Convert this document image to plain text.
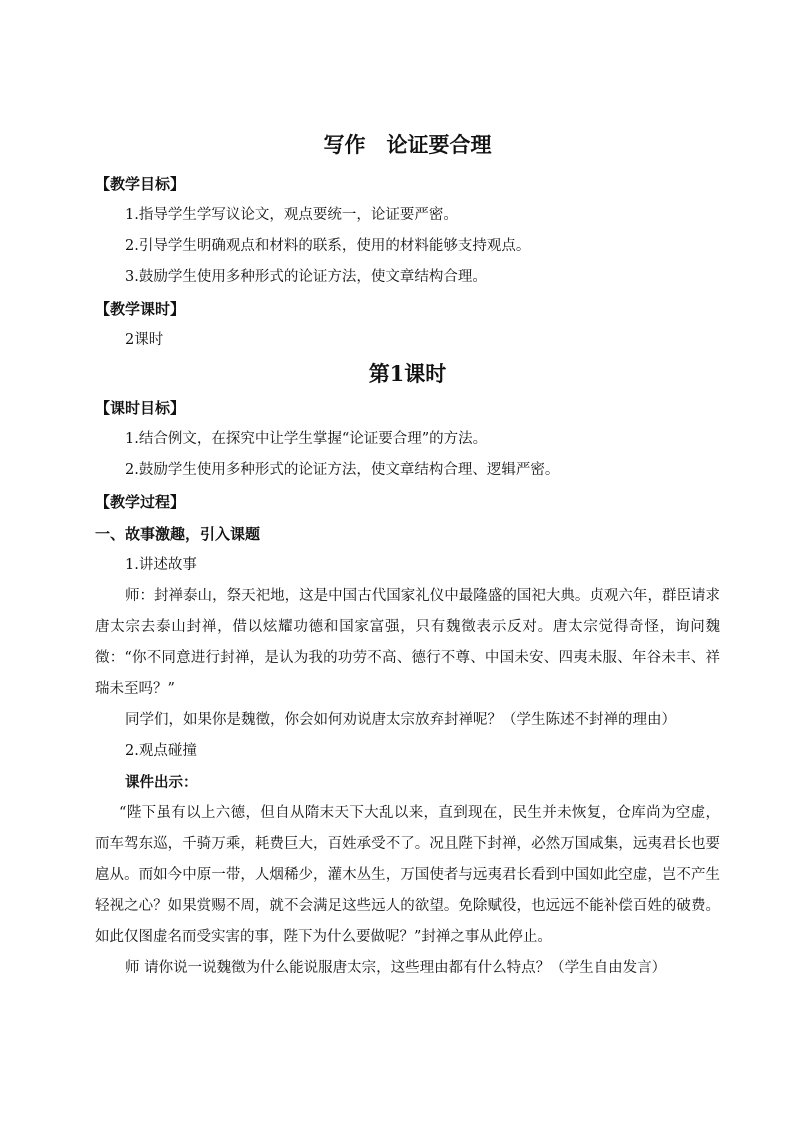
写作　论证要合理
【教学目标】

1.指导学生学写议论文，观点要统一，论证要严密。

2.引导学生明确观点和材料的联系，使用的材料能够支持观点。

3.鼓励学生使用多种形式的论证方法，使文章结构合理。

【教学课时】

2课时

第1课时
【课时目标】

1.结合例文，在探究中让学生掌握“论证要合理”的方法。

2.鼓励学生使用多种形式的论证方法，使文章结构合理、逻辑严密。

【教学过程】
一、故事激趣，引入课题

1.讲述故事

师：封禅泰山，祭天祀地，这是中国古代国家礼仪中最隆盛的国祀大典。贞观六年，群臣请求唐太宗去泰山封禅，借以炫耀功德和国家富强，只有魏徵表示反对。唐太宗觉得奇怪，询问魏徵：“你不同意进行封禅，是认为我的功劳不高、德行不尊、中国未安、四夷未服、年谷未丰、祥瑞未至吗？”

同学们，如果你是魏徵，你会如何劝说唐太宗放弃封禅呢？（学生陈述不封禅的理由）

2.观点碰撞

课件出示：

“陛下虽有以上六德，但自从隋末天下大乱以来，直到现在，民生并未恢复，仓库尚为空虚，而车驾东巡，千骑万乘，耗费巨大，百姓承受不了。况且陛下封禅，必然万国咸集，远夷君长也要扈从。而如今中原一带，人烟稀少，灌木丛生，万国使者与远夷君长看到中国如此空虚，岂不产生轻视之心？如果赏赐不周，就不会满足这些远人的欲望。免除赋役，也远远不能补偿百姓的破费。如此仅图虚名而受实害的事，陛下为什么要做呢？”封禅之事从此停止。

师 请你说一说魏徵为什么能说服唐太宗，这些理由都有什么特点？（学生自由发言）
